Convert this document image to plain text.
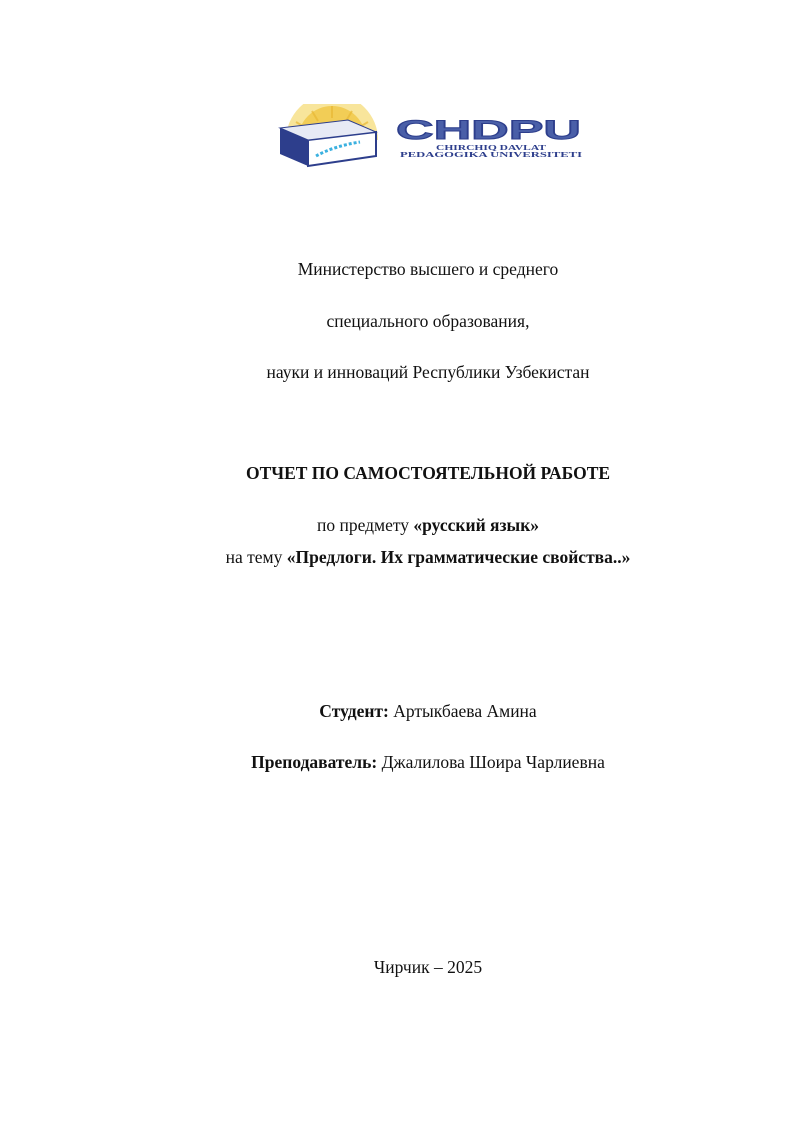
CHDPU
CHIRCHIQ DAVLAT
PEDAGOGIKA UNIVERSITETI
Министерство высшего и среднего
специального образования,
науки и инноваций Республики Узбекистан
ОТЧЕТ ПО САМОСТОЯТЕЛЬНОЙ РАБОТЕ
по предмету «русский язык»
на тему «Предлоги. Их грамматические свойства..»
Студент: Артыкбаева Амина
Преподаватель: Джалилова Шоира Чарлиевна
Чирчик – 2025
